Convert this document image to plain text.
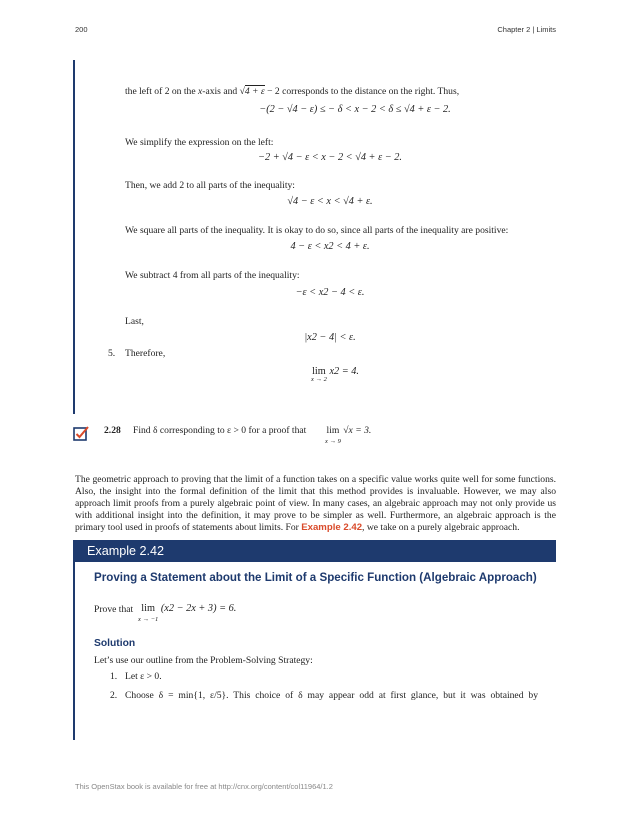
200	Chapter 2 | Limits
the left of 2 on the x-axis and √4 + ε − 2 corresponds to the distance on the right. Thus,
−(2 − √4 − ε) ≤ − δ < x − 2 < δ ≤ √4 + ε − 2.
We simplify the expression on the left:
−2 + √4 − ε < x − 2 < √4 + ε − 2.
Then, we add 2 to all parts of the inequality:
√4 − ε < x < √4 + ε.
We square all parts of the inequality. It is okay to do so, since all parts of the inequality are positive:
4 − ε < x2 < 4 + ε.
We subtract 4 from all parts of the inequality:
−ε < x2 − 4 < ε.
Last,
|x2 − 4| < ε.
5. Therefore,
lim
x → 2
x2 = 4.
2.28 Find δ corresponding to ε > 0 for a proof that lim
x → 9
√x = 3.
The geometric approach to proving that the limit of a function takes on a specific value works quite well for some functions. Also, the insight into the formal definition of the limit that this method provides is invaluable. However, we may also approach limit proofs from a purely algebraic point of view. In many cases, an algebraic approach may not only provide us with additional insight into the definition, it may prove to be simpler as well. Furthermore, an algebraic approach is the primary tool used in proofs of statements about limits. For Example 2.42, we take on a purely algebraic approach.
Example 2.42
Proving a Statement about the Limit of a Specific Function (Algebraic Approach)
Prove that lim
x → −1
(x2 − 2x + 3) = 6.
Solution
Let’s use our outline from the Problem-Solving Strategy:
1. Let ε > 0.
2. Choose δ = min{1, ε/5}. This choice of δ may appear odd at first glance, but it was obtained by
This OpenStax book is available for free at http://cnx.org/content/col11964/1.2
